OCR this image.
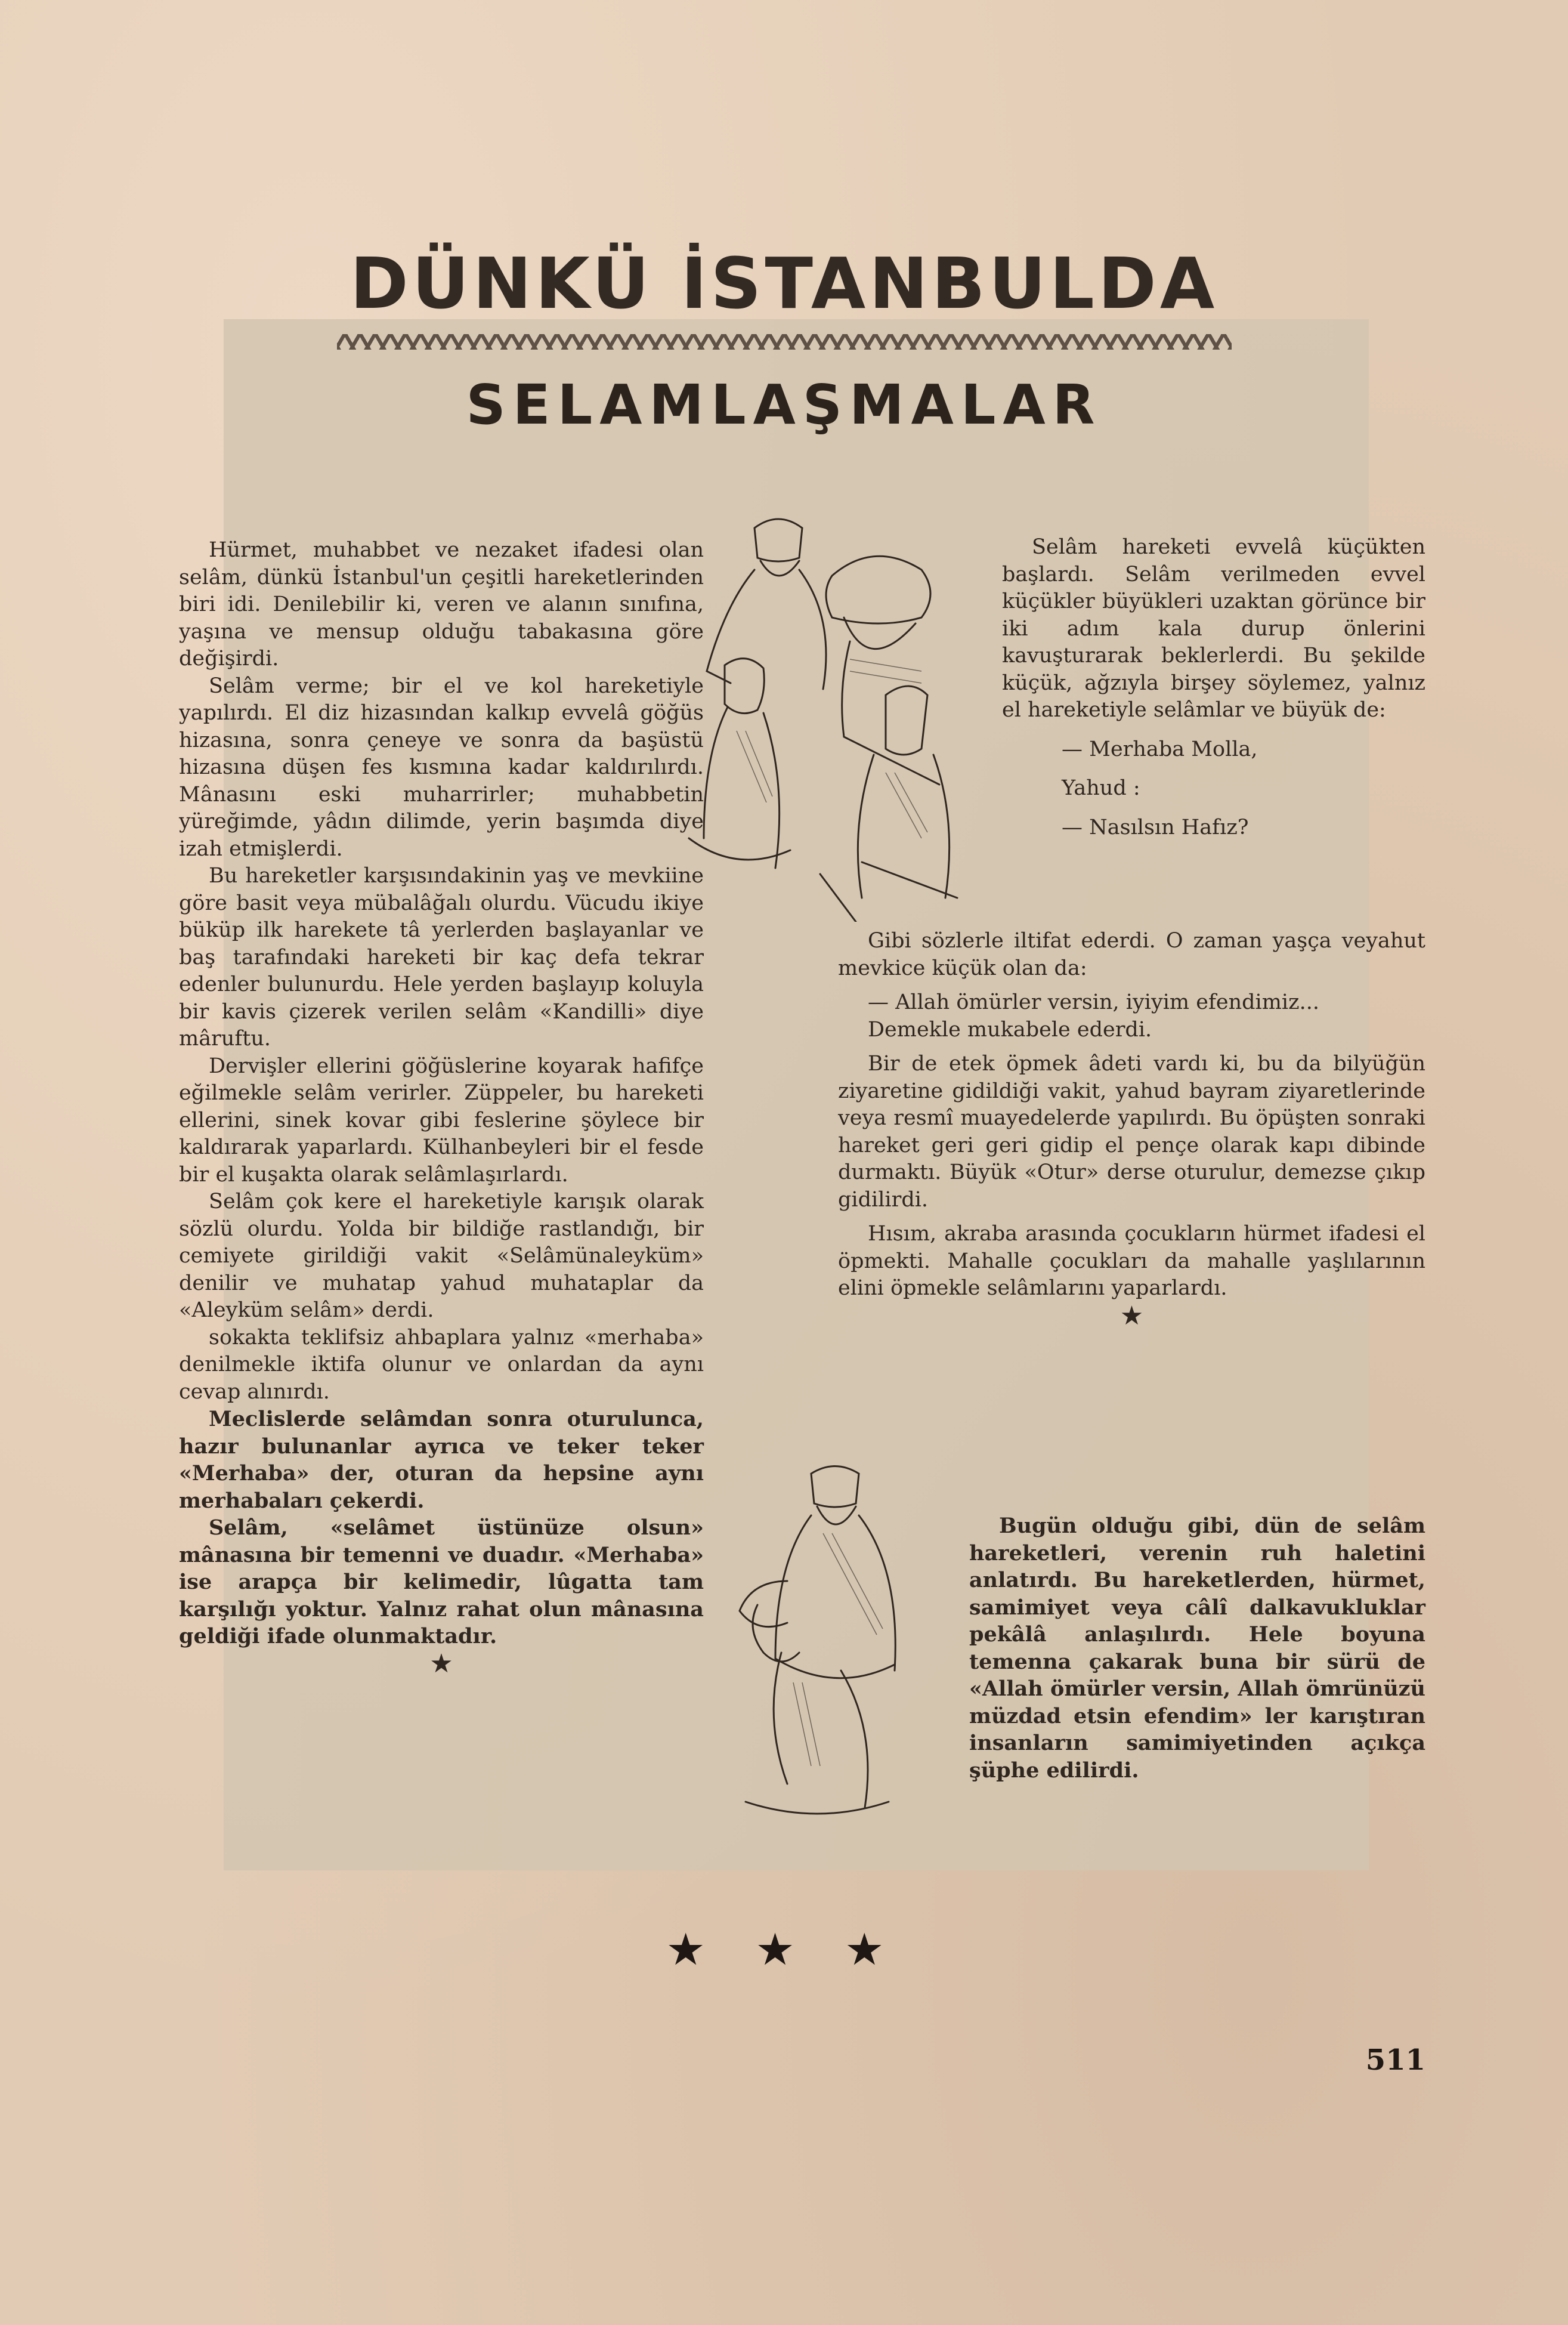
DÜNKÜ İSTANBULDA
SELAMLAŞMALAR

Hürmet, muhabbet ve nezaket ifadesi olan selâm, dünkü İstanbul'un çeşitli hareketlerinden biri idi. Denilebilir ki, veren ve alanın sınıfına, yaşına ve mensup olduğu tabakasına göre değişirdi.

Selâm verme; bir el ve kol hareketiyle yapılırdı. El diz hizasından kalkıp evvelâ göğüs hizasına, sonra çeneye ve sonra da başüstü hizasına düşen fes kısmına kadar kaldırılırdı. Mânasını eski muharrirler; muhabbetin yüreğimde, yâdın dilimde, yerin başımda diye izah etmişlerdi.

Bu hareketler karşısındakinin yaş ve mevkiine göre basit veya mübalâğalı olurdu. Vücudu ikiye büküp ilk harekete tâ yerlerden başlayanlar ve baş tarafındaki hareketi bir kaç defa tekrar edenler bulunurdu. Hele yerden başlayıp koluyla bir kavis çizerek verilen selâm «Kandilli» diye mâruftu.

Dervişler ellerini göğüslerine koyarak hafifçe eğilmekle selâm verirler. Züppeler, bu hareketi ellerini, sinek kovar gibi feslerine şöylece bir kaldırarak yaparlardı. Külhanbeyleri bir el fesde bir el kuşakta olarak selâmlaşırlardı.

Selâm çok kere el hareketiyle karışık olarak sözlü olurdu. Yolda bir bildiğe rastlandığı, bir cemiyete girildiği vakit «Selâmünaleyküm» denilir ve muhatap yahud muhataplar da «Aleyküm selâm» derdi.

sokakta teklifsiz ahbaplara yalnız «merhaba» denilmekle iktifa olunur ve onlardan da aynı cevap alınırdı.

Meclislerde selâmdan sonra oturulunca, hazır bulunanlar ayrıca ve teker teker «Merhaba» der, oturan da hepsine aynı merhabaları çekerdi.

Selâm, «selâmet üstünüze olsun» mânasına bir temenni ve duadır. «Merhaba» ise arapça bir kelimedir, lûgatta tam karşılığı yoktur. Yalnız rahat olun mânasına geldiği ifade olunmaktadır.

★

Selâm hareketi evvelâ küçükten başlardı. Selâm verilmeden evvel küçükler büyükleri uzaktan görünce bir iki adım kala durup önlerini kavuşturarak beklerlerdi. Bu şekilde küçük, ağzıyla birşey söylemez, yalnız el hareketiyle selâmlar ve büyük de:

— Merhaba Molla,

Yahud :

— Nasılsın Hafız?

Gibi sözlerle iltifat ederdi. O zaman yaşça veyahut mevkice küçük olan da:

— Allah ömürler versin, iyiyim efendimiz...

Demekle mukabele ederdi.

Bir de etek öpmek âdeti vardı ki, bu da bilyüğün ziyaretine gidildiği vakit, yahud bayram ziyaretlerinde veya resmî muayedelerde yapılırdı. Bu öpüşten sonraki hareket geri geri gidip el pençe olarak kapı dibinde durmaktı. Büyük «Otur» derse oturulur, demezse çıkıp gidilirdi.

Hısım, akraba arasında çocukların hürmet ifadesi el öpmekti. Mahalle çocukları da mahalle yaşlılarının elini öpmekle selâmlarını yaparlardı.

★

Bugün olduğu gibi, dün de selâm hareketleri, verenin ruh haletini anlatırdı. Bu hareketlerden, hürmet, samimiyet veya câlî dalkavukluklar pekâlâ anlaşılırdı. Hele boyuna temenna çakarak buna bir sürü de «Allah ömürler versin, Allah ömrünüzü müzdad etsin efendim» ler karıştıran insanların samimiyetinden açıkça şüphe edilirdi.

★ ★ ★
511
